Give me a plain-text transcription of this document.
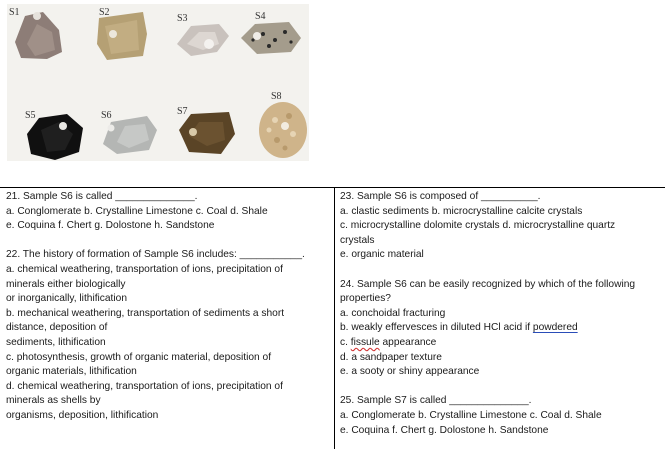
S1	S2
S3	S4
S5	S6	S7
S8
21. Sample S6 is called ______________.
a. Conglomerate b. Crystalline Limestone c. Coal d. Shale
e. Coquina f. Chert g. Dolostone h. Sandstone
22. The history of formation of Sample S6 includes: ___________.
a. chemical weathering, transportation of ions, precipitation of
minerals either biologically
or inorganically, lithification
b. mechanical weathering, transportation of sediments a short
distance, deposition of
sediments, lithification
c. photosynthesis, growth of organic material, deposition of
organic materials, lithification
d. chemical weathering, transportation of ions, precipitation of
minerals as shells by
organisms, deposition, lithification
23. Sample S6 is composed of __________.
a. clastic sediments b. microcrystalline calcite crystals
c. microcrystalline dolomite crystals d. microcrystalline quartz
crystals
e. organic material
24. Sample S6 can be easily recognized by which of the following
properties?
a. conchoidal fracturing
b. weakly effervesces in diluted HCl acid if powdered
c. fissule appearance
d. a sandpaper texture
e. a sooty or shiny appearance
25. Sample S7 is called ______________.
a. Conglomerate b. Crystalline Limestone c. Coal d. Shale
e. Coquina f. Chert g. Dolostone h. Sandstone
